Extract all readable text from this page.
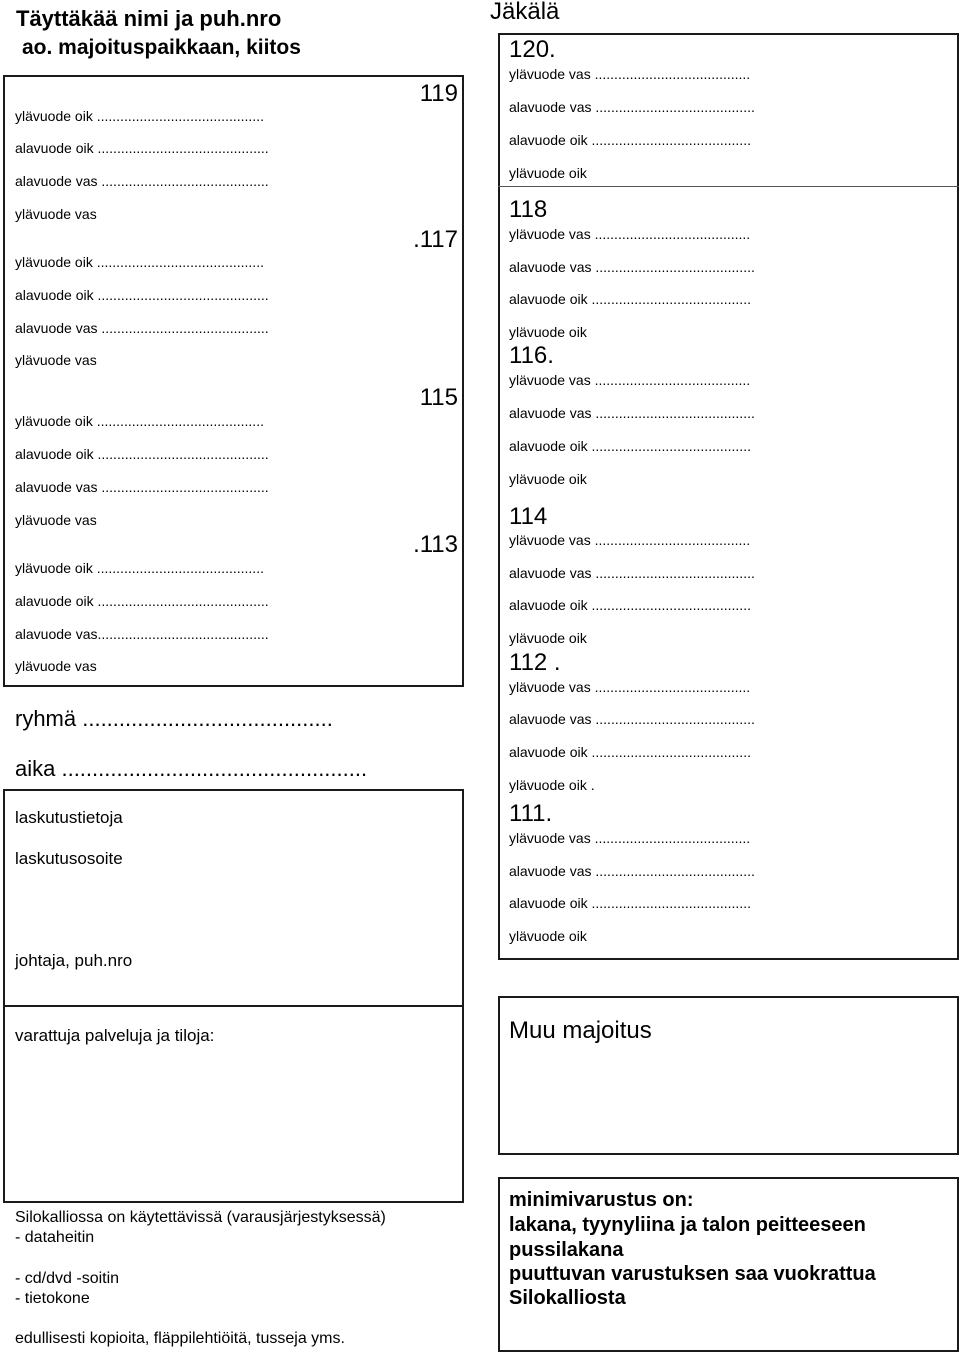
Täyttäkää nimi ja puh.nro
ao. majoituspaikkaan, kiitos
Jäkälä
119
ylävuode oik ...........................................
alavuode oik ............................................
alavuode vas ...........................................
ylävuode vas
.117
ylävuode oik ...........................................
alavuode oik ............................................
alavuode vas ...........................................
ylävuode vas
115
ylävuode oik ...........................................
alavuode oik ............................................
alavuode vas ...........................................
ylävuode vas
.113
ylävuode oik ...........................................
alavuode oik ............................................
alavuode vas............................................
ylävuode vas
120.
ylävuode vas ........................................
alavuode vas .........................................
alavuode oik .........................................
ylävuode oik
118
ylävuode vas ........................................
alavuode vas .........................................
alavuode oik .........................................
ylävuode oik
116.
ylävuode vas ........................................
alavuode vas .........................................
alavuode oik .........................................
ylävuode oik
114
ylävuode vas ........................................
alavuode vas .........................................
alavuode oik .........................................
ylävuode oik
112 .
ylävuode vas ........................................
alavuode vas .........................................
alavuode oik .........................................
ylävuode oik .
111.
ylävuode vas ........................................
alavuode vas .........................................
alavuode oik .........................................
ylävuode oik
ryhmä .........................................
aika ..................................................
laskutustietoja
laskutusosoite
johtaja, puh.nro
varattuja palveluja ja tiloja:	Muu majoitus
Silokalliossa on käytettävissä (varausjärjestyksessä)
- dataheitin
- cd/dvd -soitin
- tietokone
edullisesti kopioita, fläppilehtiöitä, tusseja yms.
minimivarustus on:
lakana, tyynyliina ja talon peitteeseen
pussilakana
puuttuvan varustuksen saa vuokrattua
Silokalliosta
